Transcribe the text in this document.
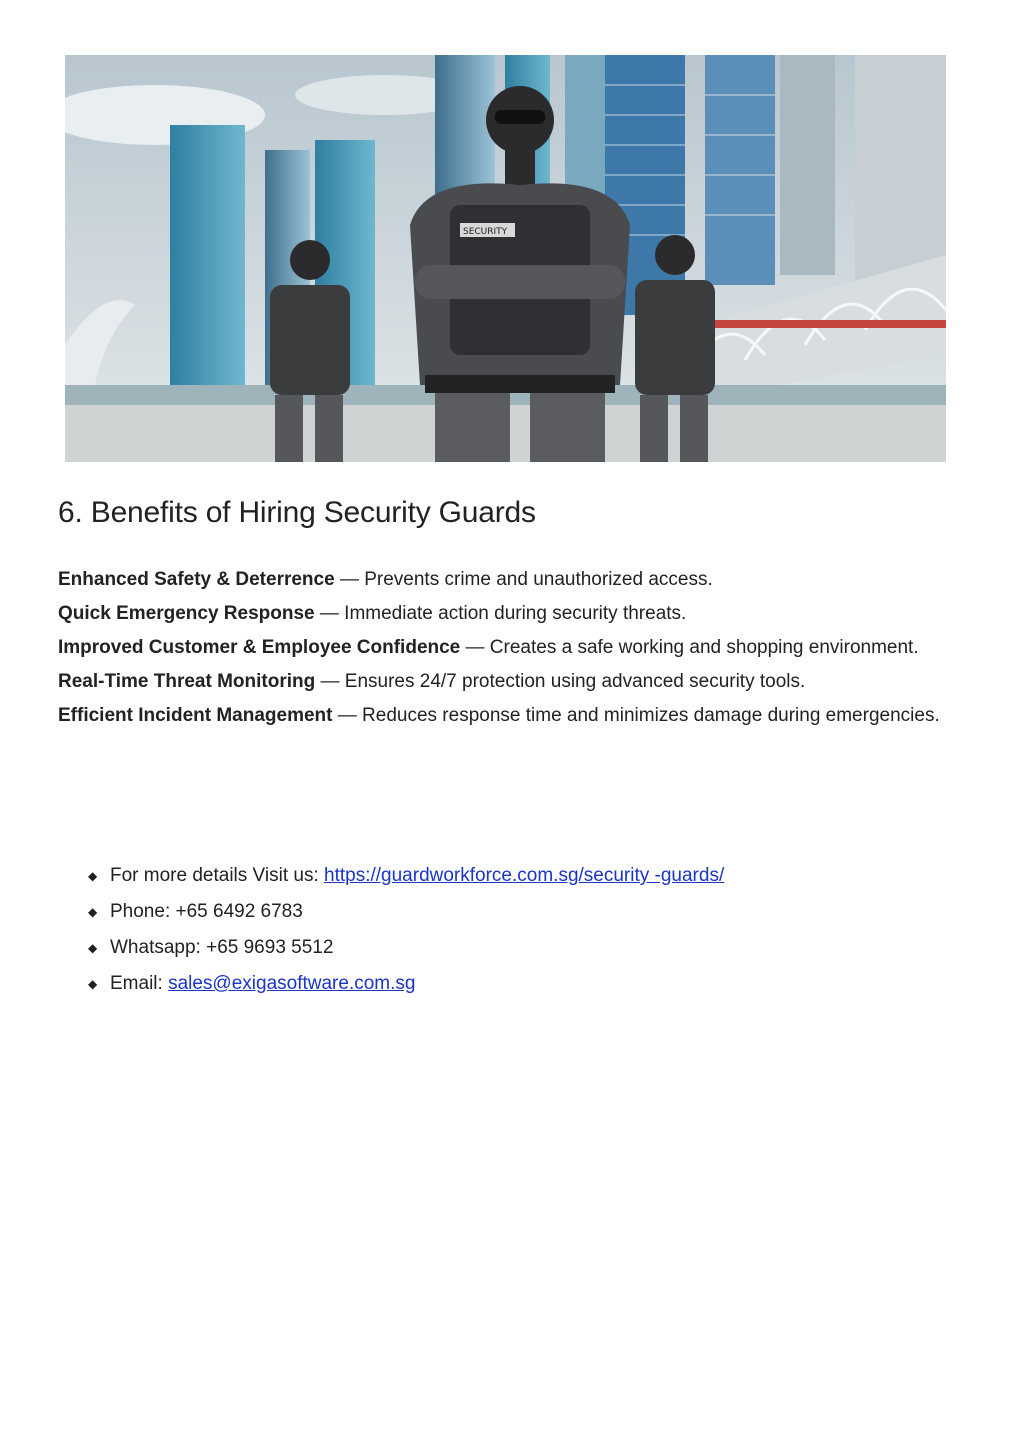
SECURITY
6. Benefits of Hiring Security Guards

Enhanced Safety & Deterrence — Prevents crime and unauthorized access.

Quick Emergency Response — Immediate action during security threats.

Improved Customer & Employee Confidence — Creates a safe working and shopping environment.

Real-Time Threat Monitoring — Ensures 24/7 protection using advanced security tools.

Efficient Incident Management — Reduces response time and minimizes damage during emergencies.

◆ For more details Visit us: https://guardworkforce.com.sg/security -guards/
◆ Phone: +65 6492 6783
◆ Whatsapp: +65 9693 5512
◆ Email: sales@exigasoftware.com.sg
